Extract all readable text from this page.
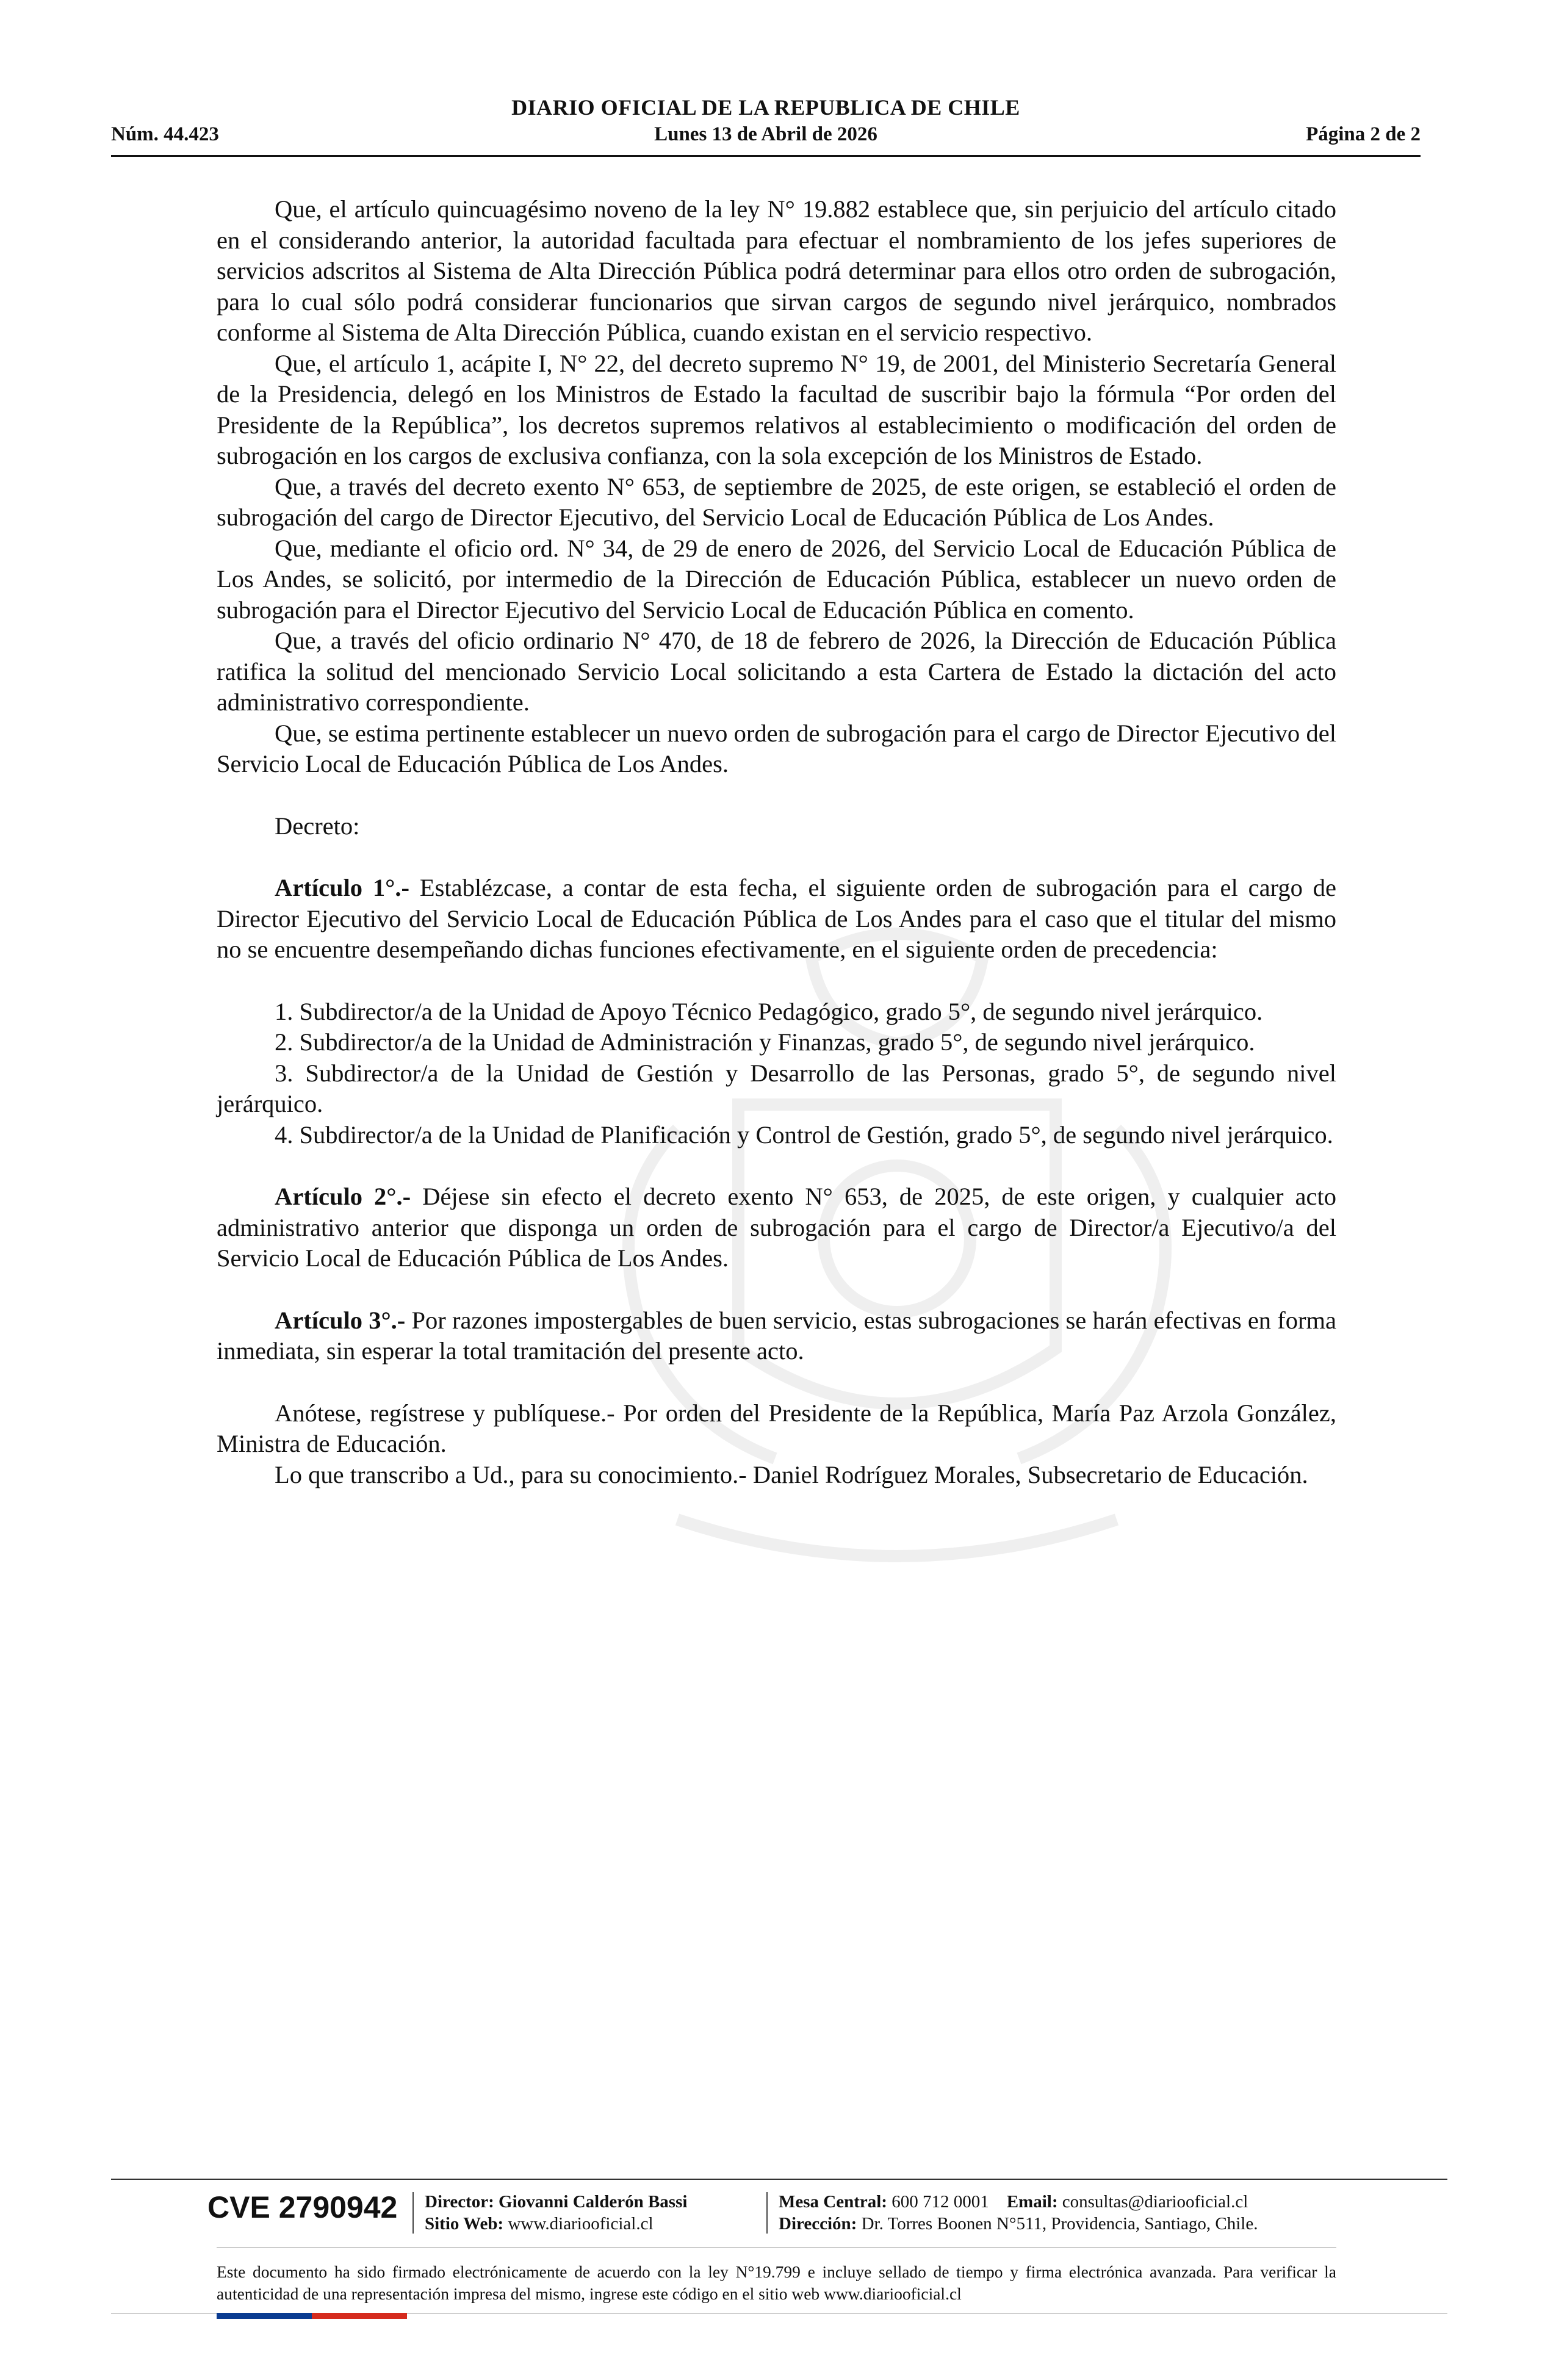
DIARIO OFICIAL DE LA REPUBLICA DE CHILE
Núm. 44.423	Lunes 13 de Abril de 2026	Página 2 de 2

Que, el artículo quincuagésimo noveno de la ley N° 19.882 establece que, sin perjuicio del artículo citado en el considerando anterior, la autoridad facultada para efectuar el nombramiento de los jefes superiores de servicios adscritos al Sistema de Alta Dirección Pública podrá determinar para ellos otro orden de subrogación, para lo cual sólo podrá considerar funcionarios que sirvan cargos de segundo nivel jerárquico, nombrados conforme al Sistema de Alta Dirección Pública, cuando existan en el servicio respectivo.

Que, el artículo 1, acápite I, N° 22, del decreto supremo N° 19, de 2001, del Ministerio Secretaría General de la Presidencia, delegó en los Ministros de Estado la facultad de suscribir bajo la fórmula “Por orden del Presidente de la República”, los decretos supremos relativos al establecimiento o modificación del orden de subrogación en los cargos de exclusiva confianza, con la sola excepción de los Ministros de Estado.

Que, a través del decreto exento N° 653, de septiembre de 2025, de este origen, se estableció el orden de subrogación del cargo de Director Ejecutivo, del Servicio Local de Educación Pública de Los Andes.

Que, mediante el oficio ord. N° 34, de 29 de enero de 2026, del Servicio Local de Educación Pública de Los Andes, se solicitó, por intermedio de la Dirección de Educación Pública, establecer un nuevo orden de subrogación para el Director Ejecutivo del Servicio Local de Educación Pública en comento.

Que, a través del oficio ordinario N° 470, de 18 de febrero de 2026, la Dirección de Educación Pública ratifica la solitud del mencionado Servicio Local solicitando a esta Cartera de Estado la dictación del acto administrativo correspondiente.

Que, se estima pertinente establecer un nuevo orden de subrogación para el cargo de Director Ejecutivo del Servicio Local de Educación Pública de Los Andes.

Decreto:

Artículo 1°.- Establézcase, a contar de esta fecha, el siguiente orden de subrogación para el cargo de Director Ejecutivo del Servicio Local de Educación Pública de Los Andes para el caso que el titular del mismo no se encuentre desempeñando dichas funciones efectivamente, en el siguiente orden de precedencia:

1. Subdirector/a de la Unidad de Apoyo Técnico Pedagógico, grado 5°, de segundo nivel jerárquico.

2. Subdirector/a de la Unidad de Administración y Finanzas, grado 5°, de segundo nivel jerárquico.

3. Subdirector/a de la Unidad de Gestión y Desarrollo de las Personas, grado 5°, de segundo nivel jerárquico.

4. Subdirector/a de la Unidad de Planificación y Control de Gestión, grado 5°, de segundo nivel jerárquico.

Artículo 2°.- Déjese sin efecto el decreto exento N° 653, de 2025, de este origen, y cualquier acto administrativo anterior que disponga un orden de subrogación para el cargo de Director/a Ejecutivo/a del Servicio Local de Educación Pública de Los Andes.

Artículo 3°.- Por razones impostergables de buen servicio, estas subrogaciones se harán efectivas en forma inmediata, sin esperar la total tramitación del presente acto.

Anótese, regístrese y publíquese.- Por orden del Presidente de la República, María Paz Arzola González, Ministra de Educación.

Lo que transcribo a Ud., para su conocimiento.- Daniel Rodríguez Morales, Subsecretario de Educación.

CVE 2790942 Director: Giovanni Calderón Bassi
Sitio Web: www.diariooficial.cl
Mesa Central: 600 712 0001 Email: consultas@diariooficial.cl
Dirección: Dr. Torres Boonen N°511, Providencia, Santiago, Chile.
Este documento ha sido firmado electrónicamente de acuerdo con la ley N°19.799 e incluye sellado de tiempo y firma electrónica avanzada. Para verificar la autenticidad de una representación impresa del mismo, ingrese este código en el sitio web www.diariooficial.cl
